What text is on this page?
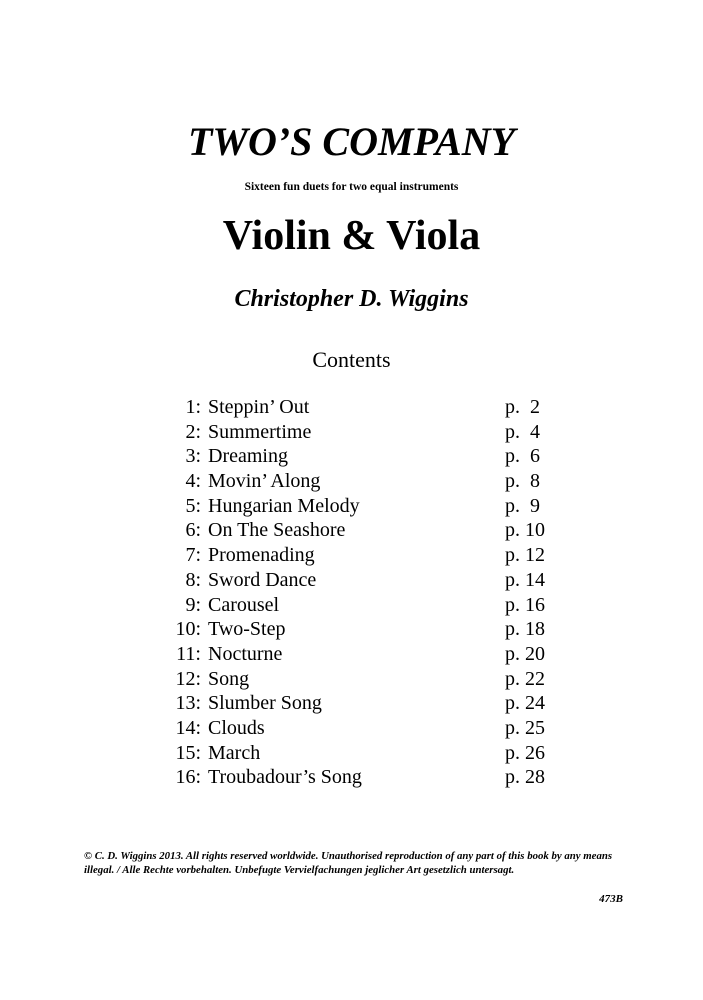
TWO’S COMPANY

Sixteen fun duets for two equal instruments

Violin & Viola

Christopher D. Wiggins

Contents

1: Steppin’ Out	p.  2
2: Summertime	p.  4
3: Dreaming	p.  6
4: Movin’ Along	p.  8
5: Hungarian Melody	p.  9
6: On The Seashore	p. 10
7: Promenading	p. 12
8: Sword Dance	p. 14
9: Carousel	p. 16
10: Two-Step	p. 18
11: Nocturne	p. 20
12: Song	p. 22
13: Slumber Song	p. 24
14: Clouds	p. 25
15: March	p. 26
16: Troubadour’s Song	p. 28

© C. D. Wiggins 2013. All rights reserved worldwide. Unauthorised reproduction of any part of this book by any means illegal. / Alle Rechte vorbehalten. Unbefugte Vervielfachungen jeglicher Art gesetzlich untersagt.

473B
